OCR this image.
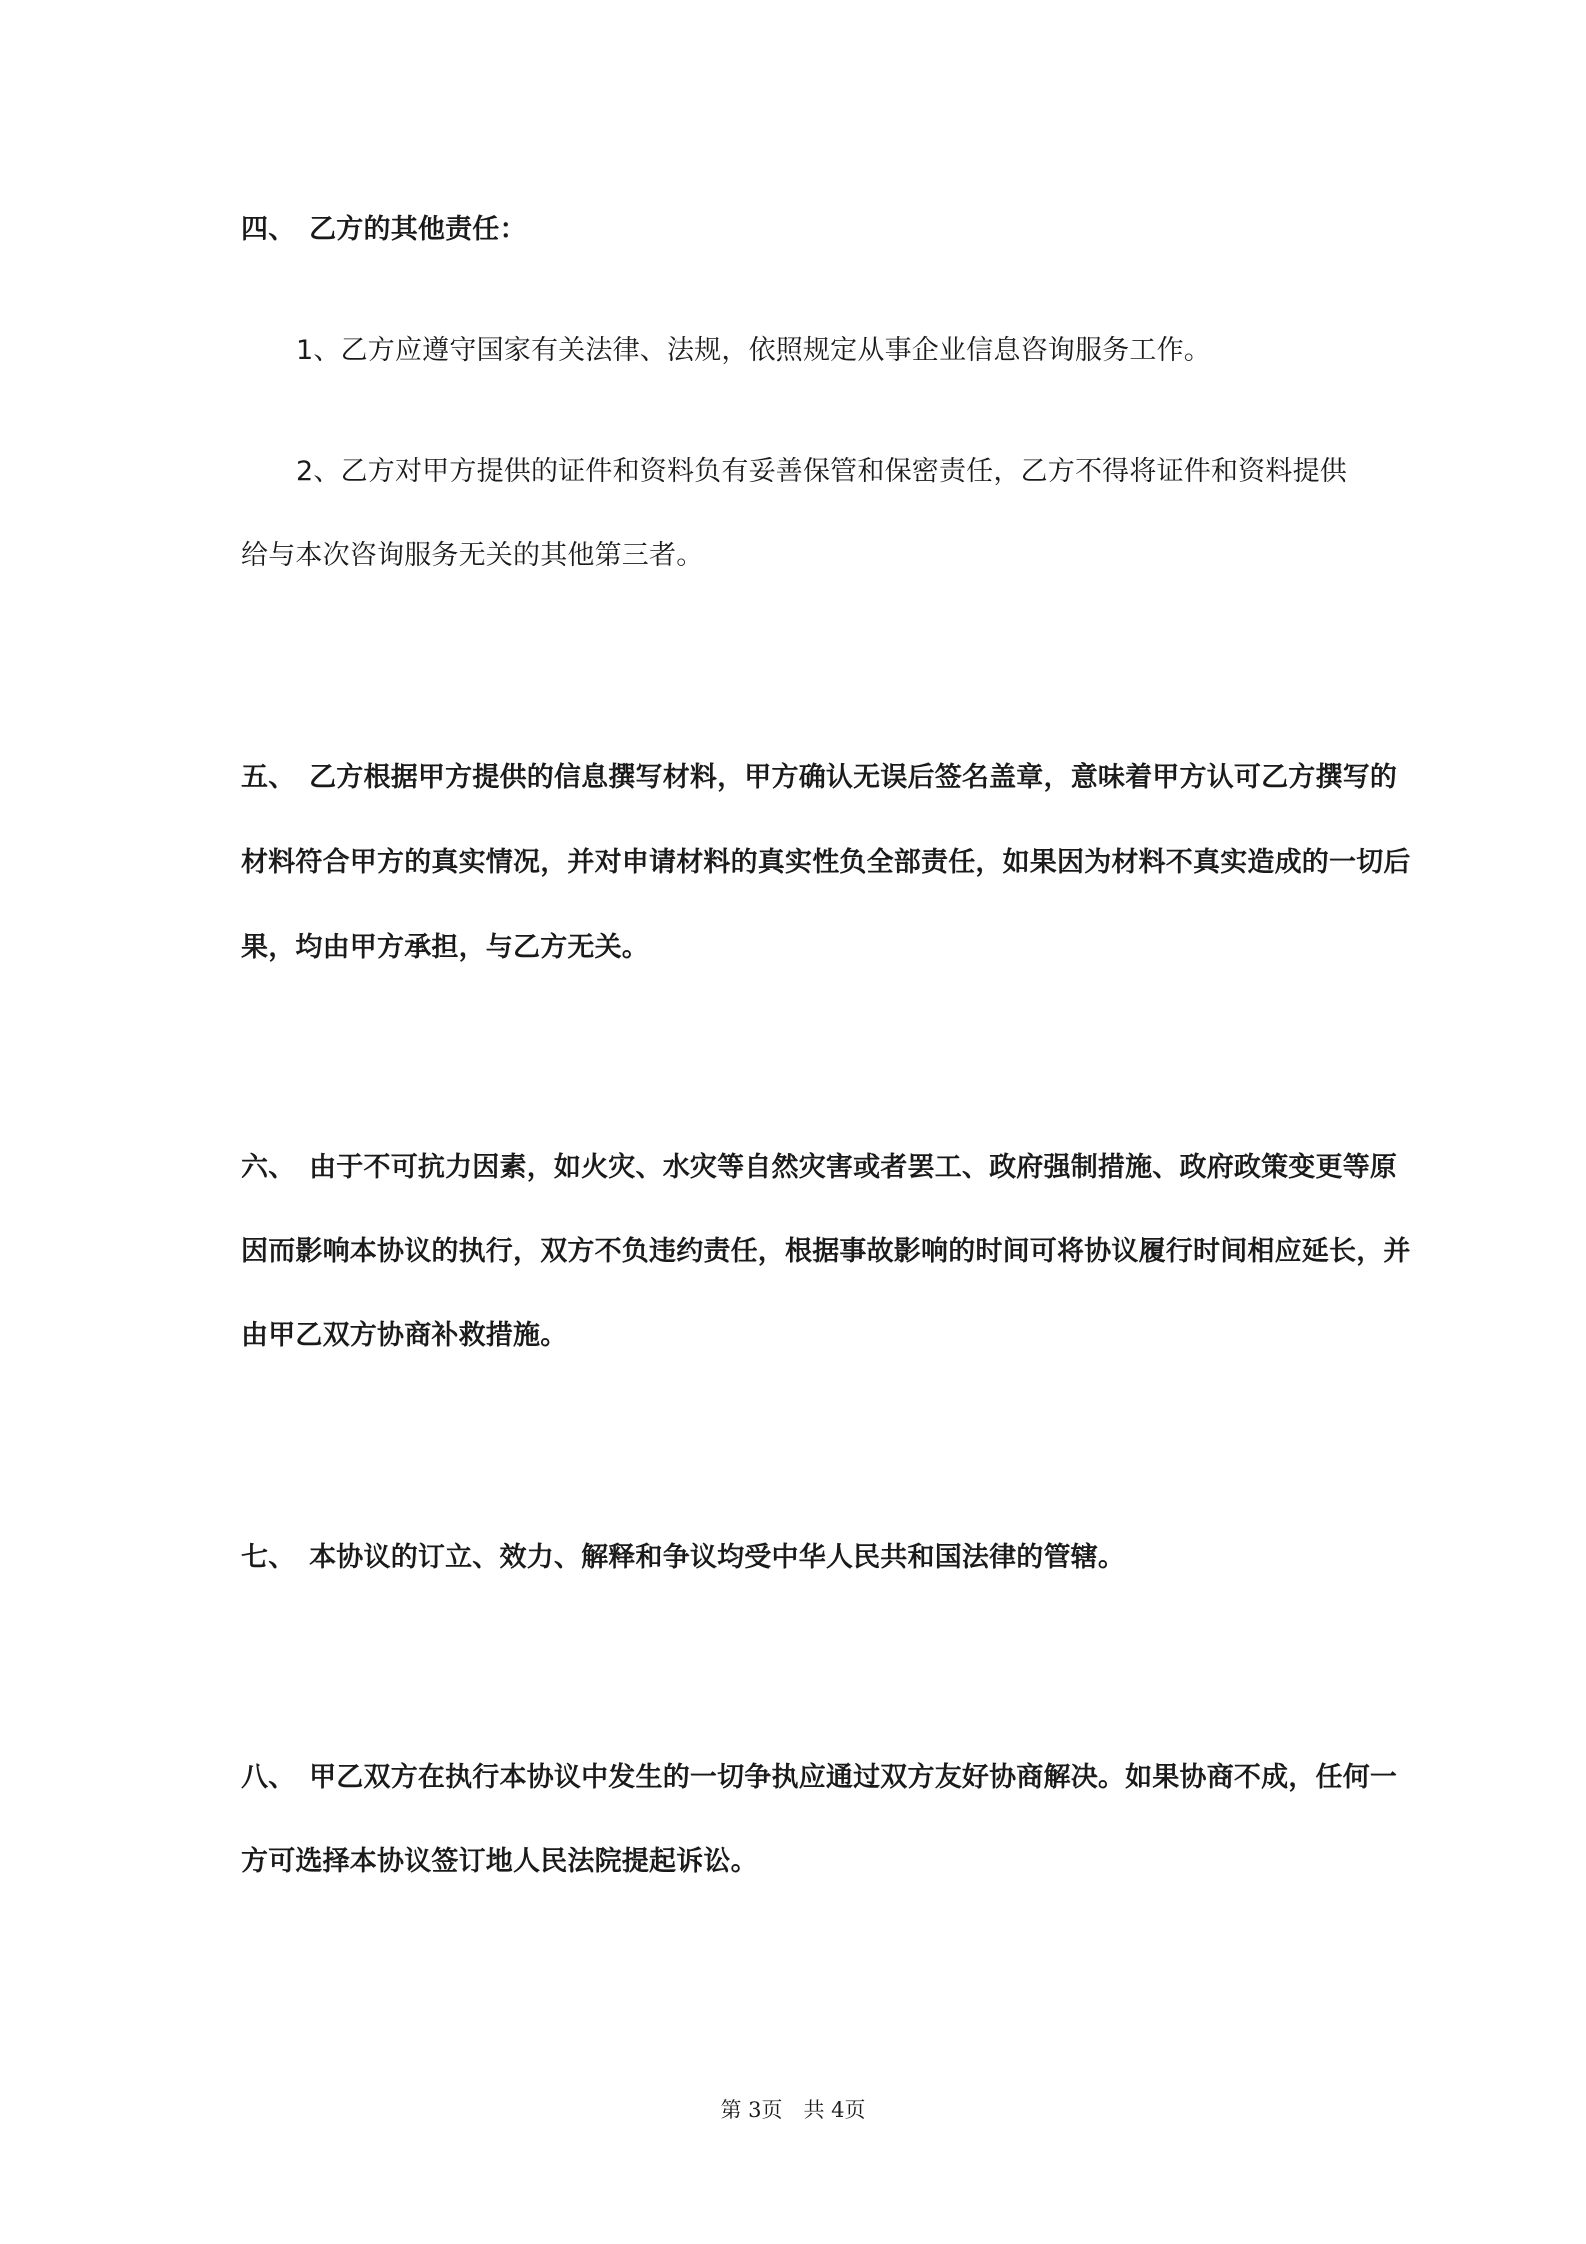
四、　乙方的其他责任：
1、乙方应遵守国家有关法律、法规，依照规定从事企业信息咨询服务工作。
2、乙方对甲方提供的证件和资料负有妥善保管和保密责任，乙方不得将证件和资料提供
给与本次咨询服务无关的其他第三者。
五、　乙方根据甲方提供的信息撰写材料，甲方确认无误后签名盖章，意味着甲方认可乙方撰写的
材料符合甲方的真实情况，并对申请材料的真实性负全部责任，如果因为材料不真实造成的一切后
果，均由甲方承担，与乙方无关。
六、　由于不可抗力因素，如火灾、水灾等自然灾害或者罢工、政府强制措施、政府政策变更等原
因而影响本协议的执行，双方不负违约责任，根据事故影响的时间可将协议履行时间相应延长，并
由甲乙双方协商补救措施。
七、　本协议的订立、效力、解释和争议均受中华人民共和国法律的管辖。
八、　甲乙双方在执行本协议中发生的一切争执应通过双方友好协商解决。如果协商不成，任何一
方可选择本协议签订地人民法院提起诉讼。
第 3页　共 4页
